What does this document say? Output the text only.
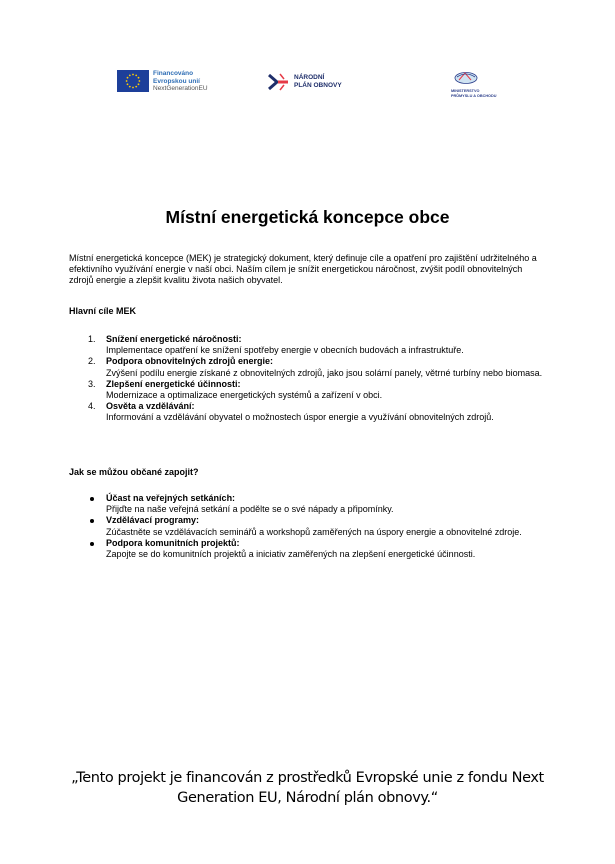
Financováno
Evropskou unií
NextGenerationEU
NÁRODNÍ
PLÁN OBNOVY
MINISTERSTVO
PRŮMYSLU A OBCHODU
Místní energetická koncepce obce

Místní energetická koncepce (MEK) je strategický dokument, který definuje cíle a opatření pro zajištění udržitelného a efektivního využívání energie v naší obci. Naším cílem je snížit energetickou náročnost, zvýšit podíl obnovitelných zdrojů energie a zlepšit kvalitu života našich obyvatel.

Hlavní cíle MEK

1. Snížení energetické náročnosti:
Implementace opatření ke snížení spotřeby energie v obecních budovách a infrastruktuře.
2. Podpora obnovitelných zdrojů energie:
Zvýšení podílu energie získané z obnovitelných zdrojů, jako jsou solární panely, větrné turbíny nebo biomasa.
3. Zlepšení energetické účinnosti:
Modernizace a optimalizace energetických systémů a zařízení v obci.
4. Osvěta a vzdělávání:
Informování a vzdělávání obyvatel o možnostech úspor energie a využívání obnovitelných zdrojů.

Jak se můžou občané zapojit?

Účast na veřejných setkáních:
Přijďte na naše veřejná setkání a podělte se o své nápady a připomínky.
Vzdělávací programy:
Zúčastněte se vzdělávacích seminářů a workshopů zaměřených na úspory energie a obnovitelné zdroje.
Podpora komunitních projektů:
Zapojte se do komunitních projektů a iniciativ zaměřených na zlepšení energetické účinnosti.

„Tento projekt je financován z prostředků Evropské unie z fondu Next Generation EU, Národní plán obnovy.“
